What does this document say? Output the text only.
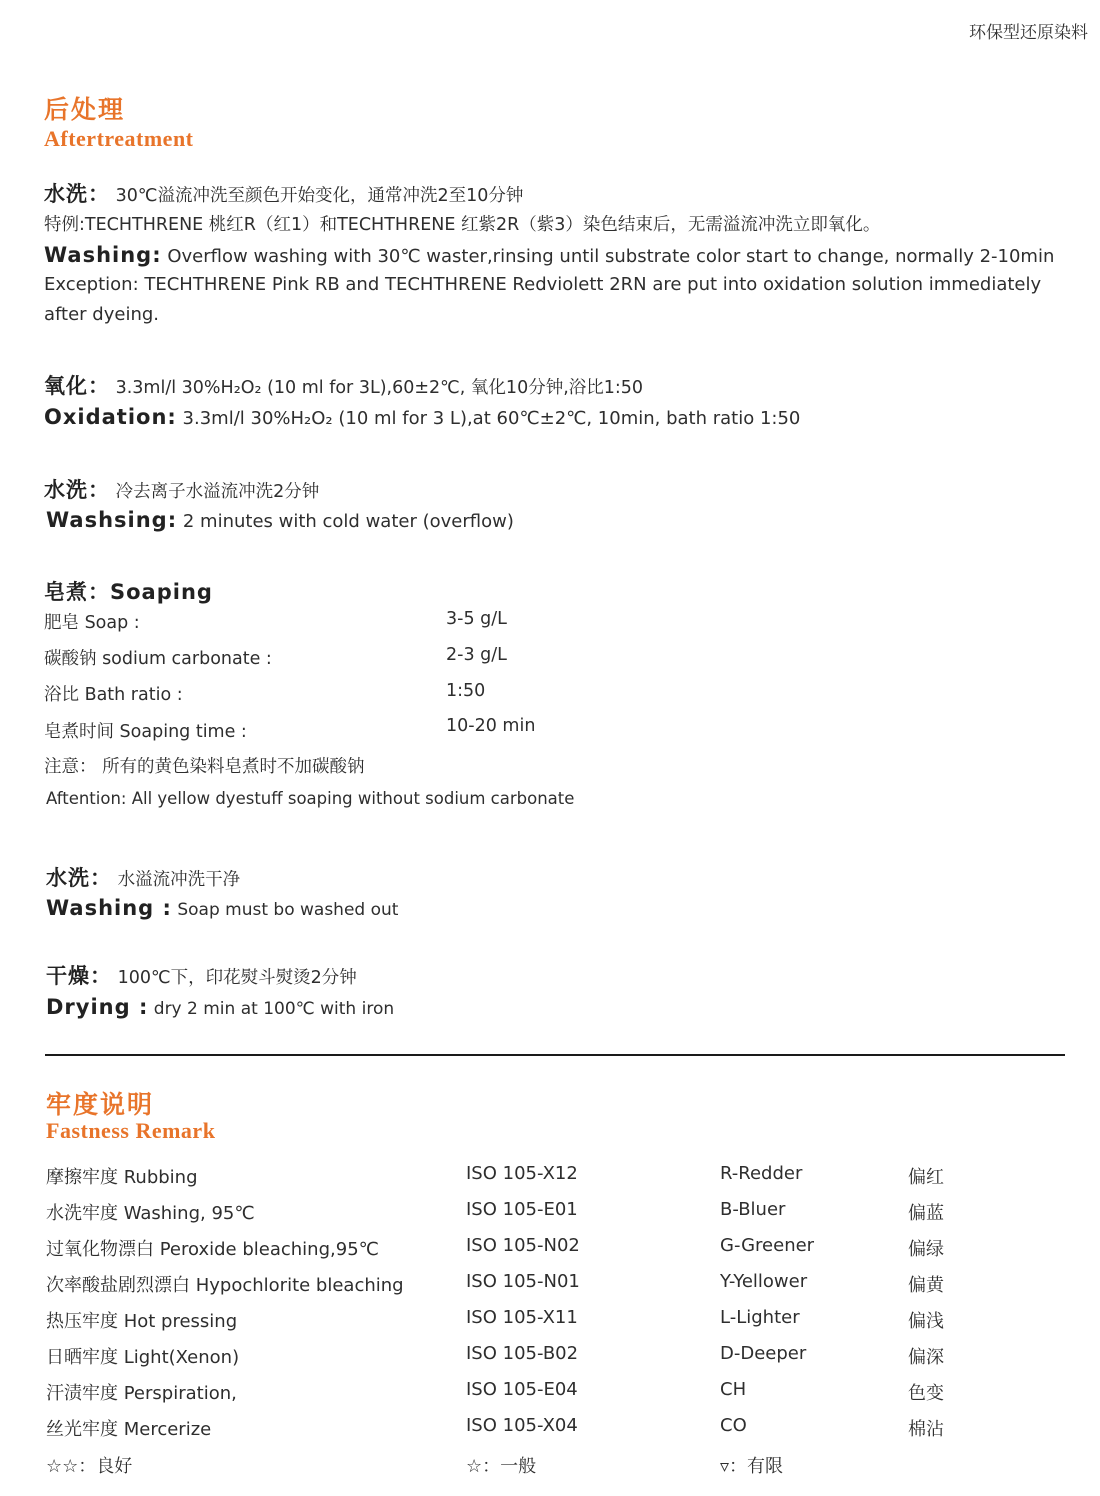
环保型还原染料
后处理
Aftertreatment
水洗： 30℃溢流冲洗至颜色开始变化，通常冲洗2至10分钟
特例:TECHTHRENE 桃红R（红1）和TECHTHRENE 红紫2R（紫3）染色结束后，无需溢流冲洗立即氧化。
Washing: Overflow washing with 30℃ waster,rinsing until substrate color start to change, normally 2-10min
Exception: TECHTHRENE Pink RB and TECHTHRENE Redviolett 2RN are put into oxidation solution immediately
after dyeing.
氧化： 3.3ml/l 30%H₂O₂ (10 ml for 3L),60±2℃, 氧化10分钟,浴比1:50
Oxidation: 3.3ml/l 30%H₂O₂ (10 ml for 3 L),at 60℃±2℃, 10min, bath ratio 1:50
水洗： 冷去离子水溢流冲洗2分钟
Washsing: 2 minutes with cold water (overflow)
皂煮：Soaping
肥皂 Soap :	3-5 g/L
碳酸钠 sodium carbonate :	2-3 g/L
浴比 Bath ratio :	1:50
皂煮时间 Soaping time :	10-20 min
注意： 所有的黄色染料皂煮时不加碳酸钠
Aftention: All yellow dyestuff soaping without sodium carbonate
水洗： 水溢流冲洗干净
Washing : Soap must bo washed out
干燥： 100℃下，印花熨斗熨烫2分钟
Drying : dry 2 min at 100℃ with iron
牢度说明
Fastness Remark
摩擦牢度 Rubbing	ISO 105-X12	R-Redder	偏红
水洗牢度 Washing, 95℃	ISO 105-E01	B-Bluer	偏蓝
过氧化物漂白 Peroxide bleaching,95℃	ISO 105-N02	G-Greener	偏绿
次率酸盐剧烈漂白 Hypochlorite bleaching	ISO 105-N01	Y-Yellower	偏黄
热压牢度 Hot pressing	ISO 105-X11	L-Lighter	偏浅
日晒牢度 Light(Xenon)	ISO 105-B02	D-Deeper	偏深
汗渍牢度 Perspiration,	ISO 105-E04	CH	色变
丝光牢度 Mercerize	ISO 105-X04	CO	棉沾
☆☆：良好	☆：一般	▿：有限
